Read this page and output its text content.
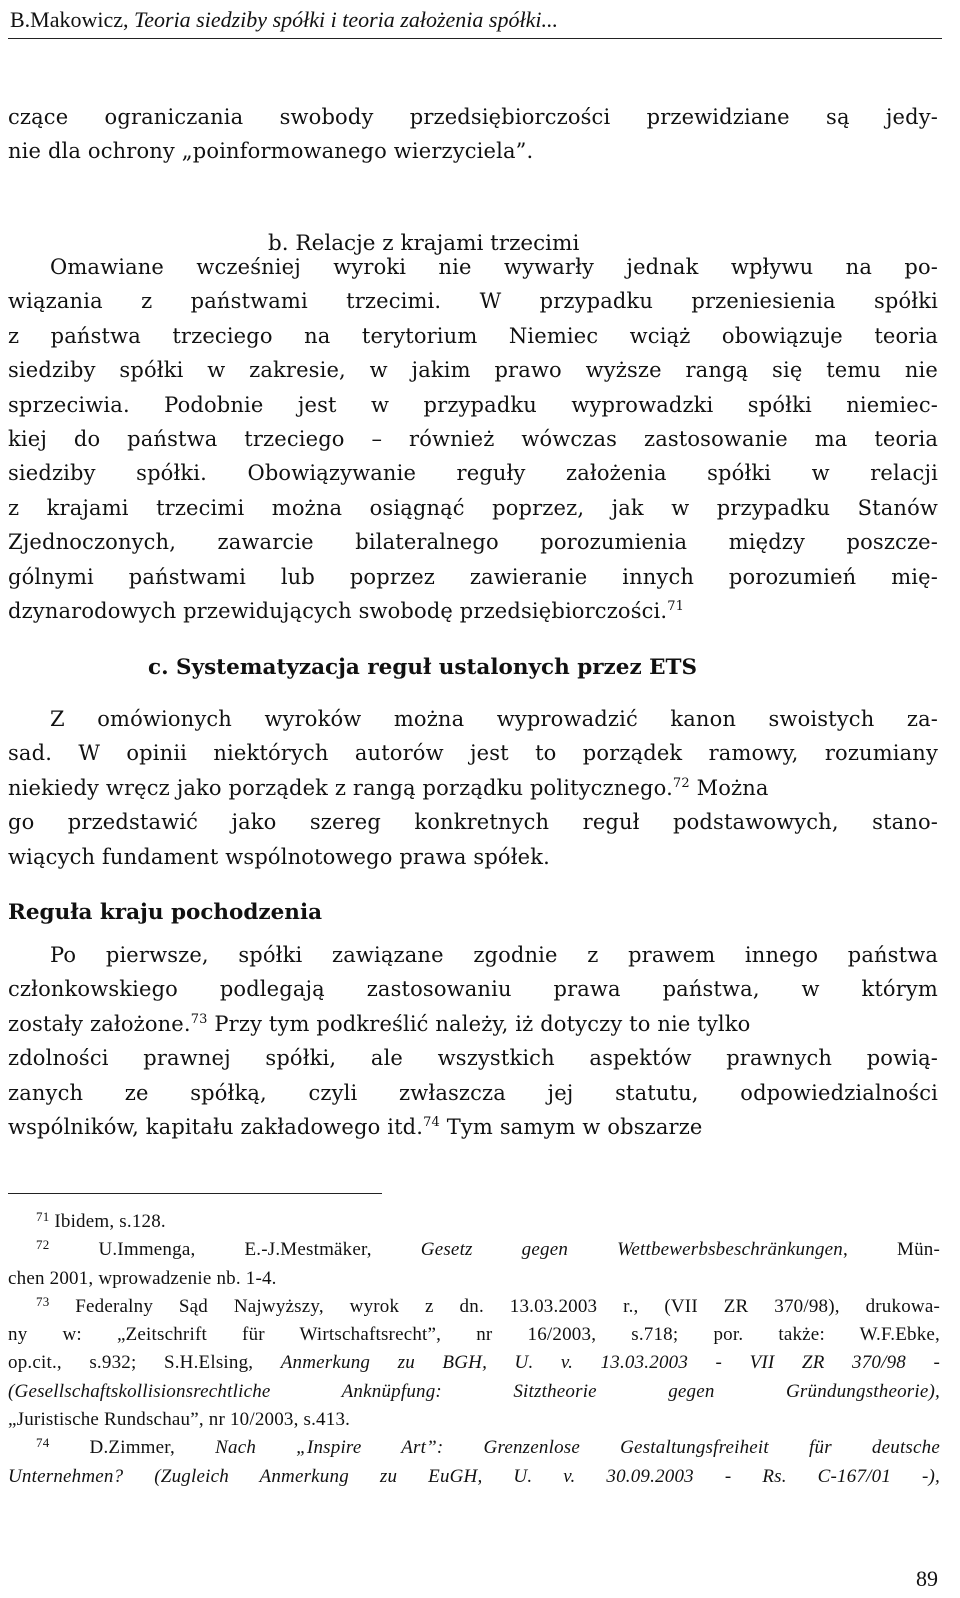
B.Makowicz, Teoria siedziby spółki i teoria założenia spółki...
czące ograniczania swobody przedsiębiorczości przewidziane są jedy-
nie dla ochrony „poinformowanego wierzyciela”.
b. Relacje z krajami trzecimi
Omawiane wcześniej wyroki nie wywarły jednak wpływu na po-
wiązania z państwami trzecimi. W przypadku przeniesienia spółki
z państwa trzeciego na terytorium Niemiec wciąż obowiązuje teoria
siedziby spółki w zakresie, w jakim prawo wyższe rangą się temu nie
sprzeciwia. Podobnie jest w przypadku wyprowadzki spółki niemiec-
kiej do państwa trzeciego – również wówczas zastosowanie ma teoria
siedziby spółki. Obowiązywanie reguły założenia spółki w relacji
z krajami trzecimi można osiągnąć poprzez, jak w przypadku Stanów
Zjednoczonych, zawarcie bilateralnego porozumienia między poszcze-
gólnymi państwami lub poprzez zawieranie innych porozumień mię-
dzynarodowych przewidujących swobodę przedsiębiorczości.$^{71}$
c. Systematyzacja reguł ustalonych przez ETS
Z omówionych wyroków można wyprowadzić kanon swoistych za-
sad. W opinii niektórych autorów jest to porządek ramowy, rozumiany
niekiedy wręcz jako porządek z rangą porządku politycznego.$^{72}$ Można
go przedstawić jako szereg konkretnych reguł podstawowych, stano-
wiących fundament wspólnotowego prawa spółek.
Reguła kraju pochodzenia
Po pierwsze, spółki zawiązane zgodnie z prawem innego państwa
członkowskiego podlegają zastosowaniu prawa państwa, w którym
zostały założone.$^{73}$ Przy tym podkreślić należy, iż dotyczy to nie tylko
zdolności prawnej spółki, ale wszystkich aspektów prawnych powią-
zanych ze spółką, czyli zwłaszcza jej statutu, odpowiedzialności
wspólników, kapitału zakładowego itd.$^{74}$ Tym samym w obszarze
$^{71}$ Ibidem, s.128.
$^{72}$ U.Immenga, E.-J.Mestmäker, Gesetz gegen Wettbewerbsbeschränkungen, Mün-
chen 2001, wprowadzenie nb. 1-4.
$^{73}$ Federalny Sąd Najwyższy, wyrok z dn. 13.03.2003 r., (VII ZR 370/98), drukowa-
ny w: „Zeitschrift für Wirtschaftsrecht”, nr 16/2003, s.718; por. także: W.F.Ebke,
op.cit., s.932; S.H.Elsing, Anmerkung zu BGH, U. v. 13.03.2003 - VII ZR 370/98 -
(Gesellschaftskollisionsrechtliche Anknüpfung: Sitztheorie gegen Gründungstheorie),
„Juristische Rundschau”, nr 10/2003, s.413.
$^{74}$ D.Zimmer, Nach „Inspire Art”: Grenzenlose Gestaltungsfreiheit für deutsche
Unternehmen? (Zugleich Anmerkung zu EuGH, U. v. 30.09.2003 - Rs. C-167/01 -),
89
